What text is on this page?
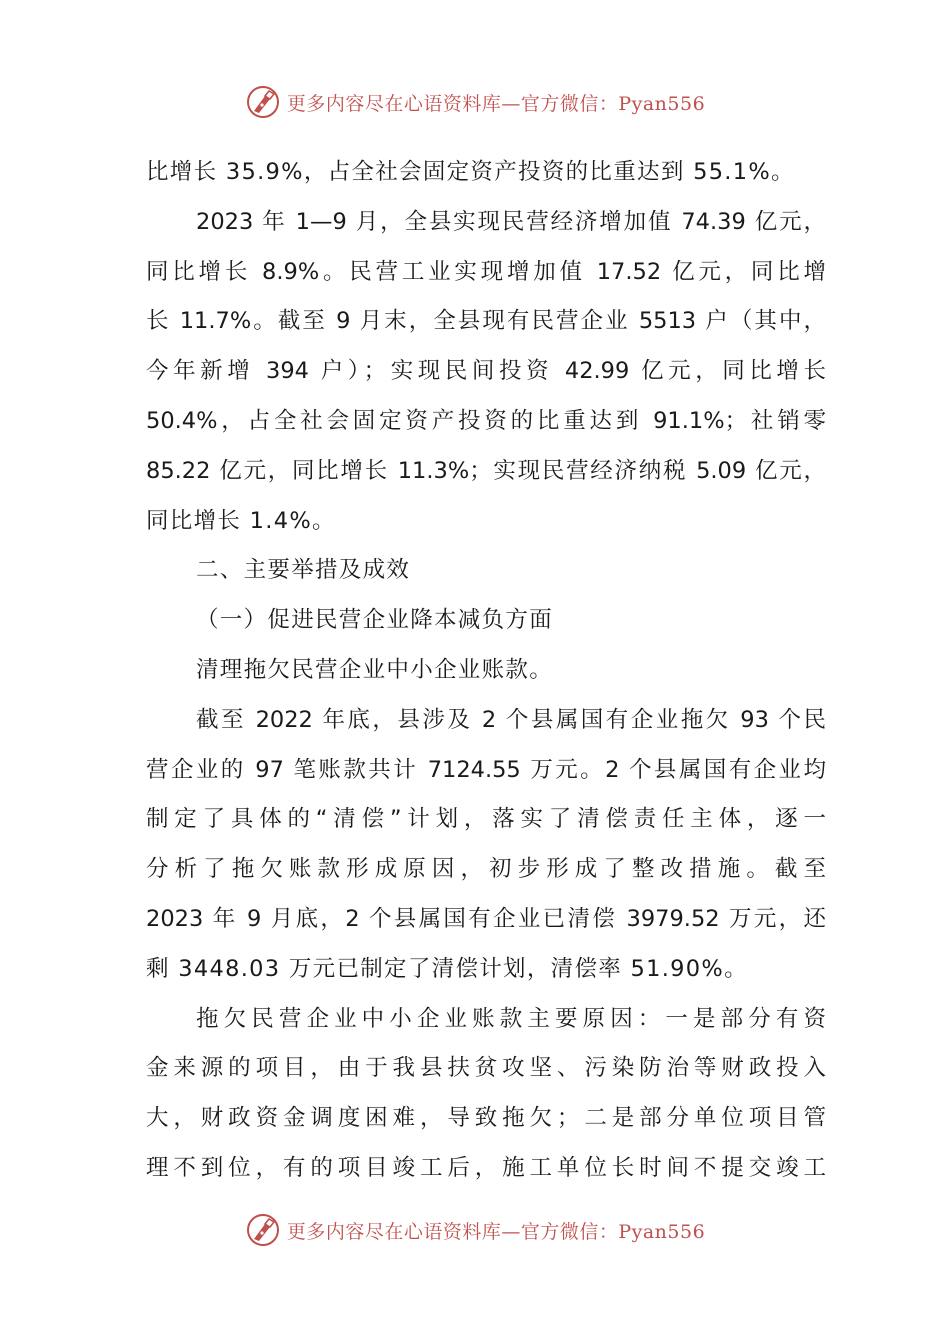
更多内容尽在心语资料库—官方微信：Pyan556
比增长 35.9%，占全社会固定资产投资的比重达到 55.1%。
2023 年 1—9 月，全县实现民营经济增加值 74.39 亿元，
同比增长 8.9%。民营工业实现增加值 17.52 亿元，同比增
长 11.7%。截至 9 月末，全县现有民营企业 5513 户（其中，
今年新增 394 户）；实现民间投资 42.99 亿元，同比增长
50.4%，占全社会固定资产投资的比重达到 91.1%；社销零
85.22 亿元，同比增长 11.3%；实现民营经济纳税 5.09 亿元，
同比增长 1.4%。
二、主要举措及成效
（一）促进民营企业降本减负方面
清理拖欠民营企业中小企业账款。
截至 2022 年底，县涉及 2 个县属国有企业拖欠 93 个民
营企业的 97 笔账款共计 7124.55 万元。2 个县属国有企业均
制定了具体的“清偿”计划，落实了清偿责任主体，逐一
分析了拖欠账款形成原因，初步形成了整改措施。截至
2023 年 9 月底，2 个县属国有企业已清偿 3979.52 万元，还
剩 3448.03 万元已制定了清偿计划，清偿率 51.90%。
拖欠民营企业中小企业账款主要原因：一是部分有资
金来源的项目，由于我县扶贫攻坚、污染防治等财政投入
大，财政资金调度困难，导致拖欠；二是部分单位项目管
理不到位，有的项目竣工后，施工单位长时间不提交竣工
更多内容尽在心语资料库—官方微信：Pyan556
